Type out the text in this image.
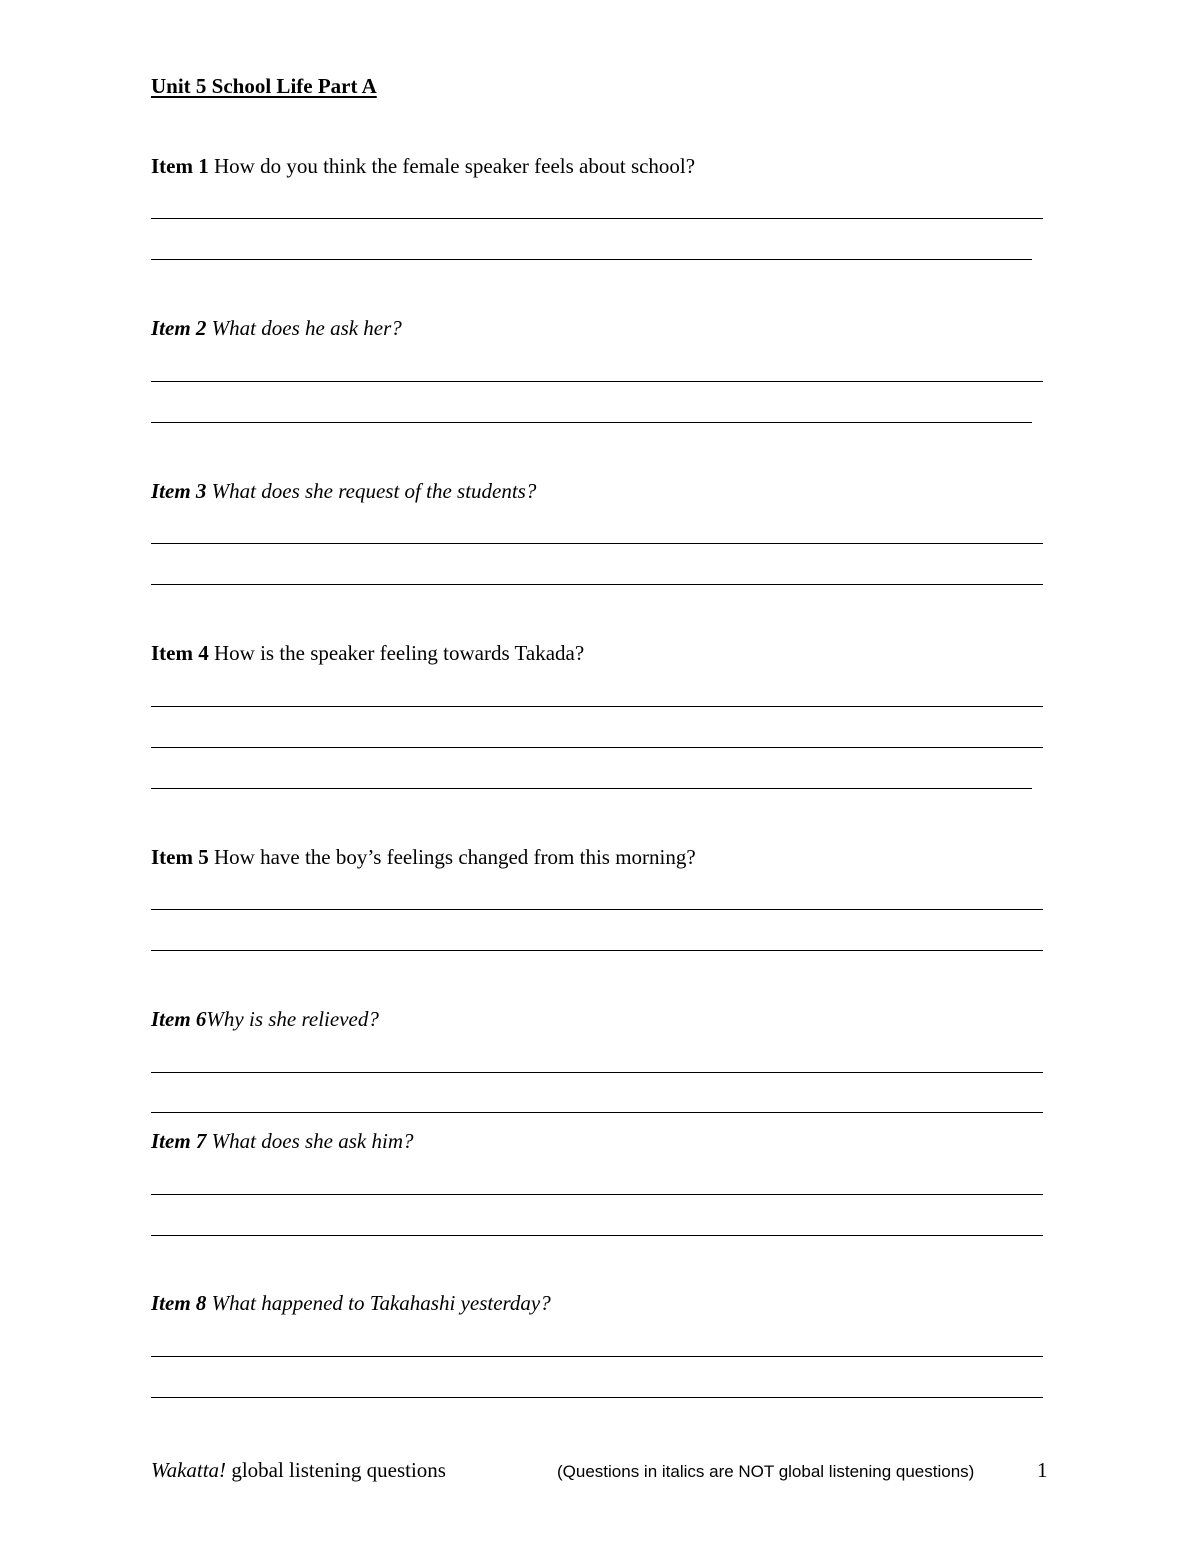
Unit 5 School Life Part A

Item 1 How do you think the female speaker feels about school?

Item 2 What does he ask her?

Item 3 What does she request of the students?

Item 4 How is the speaker feeling towards Takada?

Item 5 How have the boy’s feelings changed from this morning?

Item 6Why is she relieved?

Item 7 What does she ask him?

Item 8 What happened to Takahashi yesterday?

Wakatta! global listening questions	(Questions in italics are NOT global listening questions)	1
